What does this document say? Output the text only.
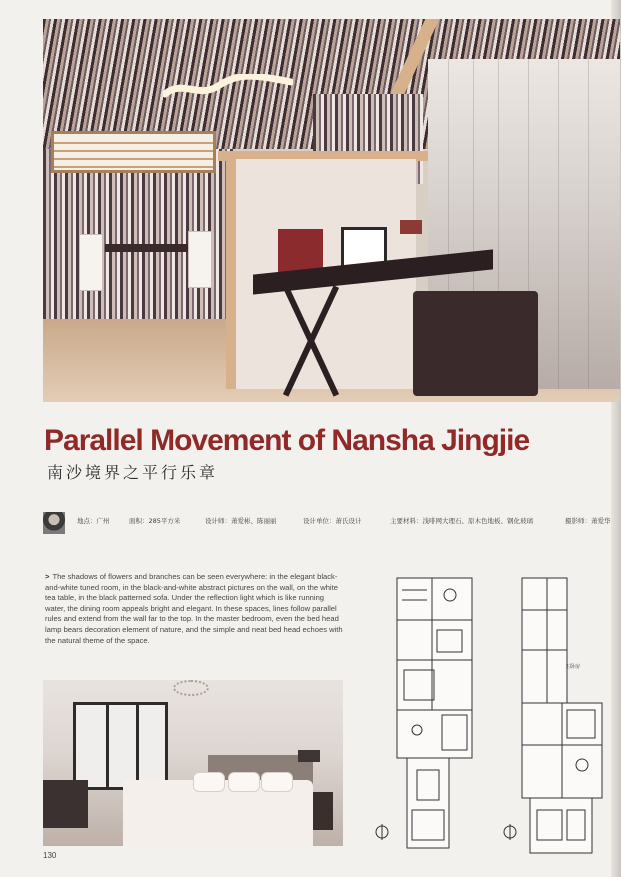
Parallel Movement of Nansha Jingjie
南沙境界之平行乐章
地点：广州	面积：285平方米	设计师：萧爱彬、陈丽丽	设计单位：萧氏设计	主要材料：浅啡网大理石、原木色地板、钢化玻璃	摄影师：萧爱华
> The shadows of flowers and branches can be seen everywhere: in the elegant black-and-white tuned room, in the black-and-white abstract pictures on the wall, on the white tea table, in the black patterned sofa. Under the reflection light which is like running water, the dining room appeals bright and elegant. In these spaces, lines follow parallel rules and extend from the wall far to the top. In the master bedroom, even the bed head lamp bears decoration element of nature, and the simple and neat bed head echoes with the natural theme of the space.
主卧房
130
